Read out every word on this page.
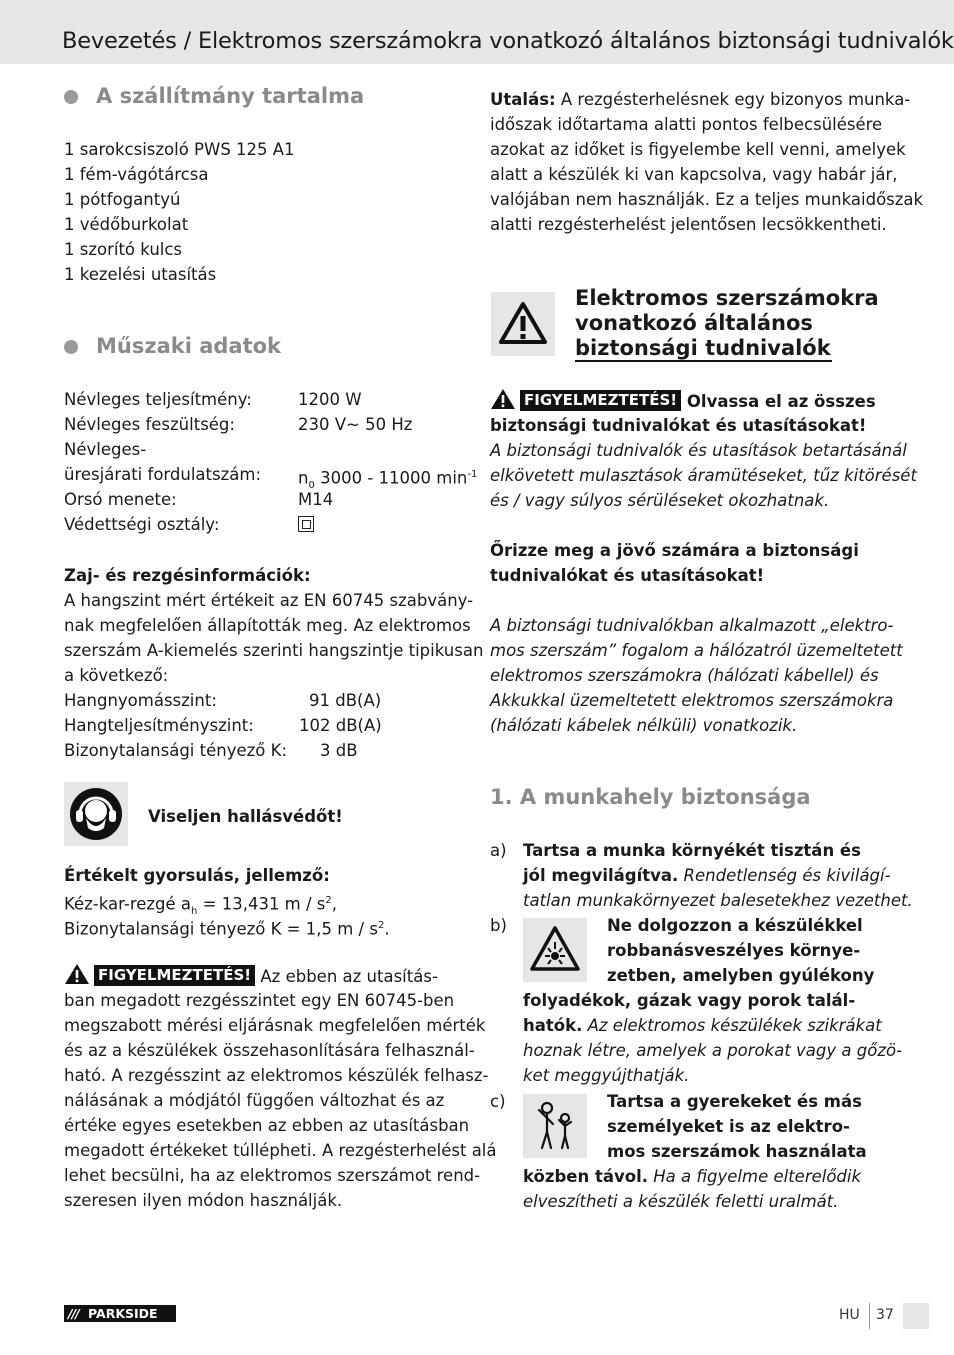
Bevezetés / Elektromos szerszámokra vonatkozó általános biztonsági tudnivalók
A szállítmány tartalma
1 sarokcsiszoló PWS 125 A1
1 fém-vágótárcsa
1 pótfogantyú
1 védőburkolat
1 szorító kulcs
1 kezelési utasítás
Műszaki adatok
Névleges teljesítmény:	1200 W
Névleges feszültség:	230 V~ 50 Hz
Névleges-
üresjárati fordulatszám: $n_0$ 3000 - 11000 $\min^{-1}$
Orsó menete:	M14
Védettségi osztály:
Zaj- és rezgésinformációk:
A hangszint mért értékeit az EN 60745 szabvány-
nak megfelelően állapították meg. Az elektromos
szerszám A-kiemelés szerinti hangszintje tipikusan
a következő:
Hangnyomásszint:	91 dB(A)
Hangteljesítményszint:	102 dB(A)
Bizonytalansági tényező K: 3 dB
Viseljen hallásvédőt!
Értékelt gyorsulás, jellemző:
Kéz-kar-rezgé $a_h = 13,431$ m / $s^2$,
Bizonytalansági tényező K = 1,5 m / $s^2$.
FIGYELMEZTETÉS! Az ebben az utasítás-
ban megadott rezgésszintet egy EN 60745-ben
megszabott mérési eljárásnak megfelelően mérték
és az a készülékek összehasonlítására felhasznál-
ható. A rezgésszint az elektromos készülék felhasz-
nálásának a módjától függően változhat és az
értéke egyes esetekben az ebben az utasításban
megadott értékeket túllépheti. A rezgésterhelést alá
lehet becsülni, ha az elektromos szerszámot rend-
szeresen ilyen módon használják.
Utalás: A rezgésterhelésnek egy bizonyos munka-
időszak időtartama alatti pontos felbecsülésére
azokat az időket is figyelembe kell venni, amelyek
alatt a készülék ki van kapcsolva, vagy habár jár,
valójában nem használják. Ez a teljes munkaidőszak
alatti rezgésterhelést jelentősen lecsökkentheti.
Elektromos szerszámokra
vonatkozó általános
biztonsági tudnivalók
FIGYELMEZTETÉS! Olvassa el az összes
biztonsági tudnivalókat és utasításokat!
A biztonsági tudnivalók és utasítások betartásánál
elkövetett mulasztások áramütéseket, tűz kitörését
és / vagy súlyos sérüléseket okozhatnak.
Őrizze meg a jövő számára a biztonsági
tudnivalókat és utasításokat!
A biztonsági tudnivalókban alkalmazott „elektro-
mos szerszám” fogalom a hálózatról üzemeltetett
elektromos szerszámokra (hálózati kábellel) és
Akkukkal üzemeltetett elektromos szerszámokra
(hálózati kábelek nélküli) vonatkozik.
1. A munkahely biztonsága
a) Tartsa a munka környékét tisztán és
jól megvilágítva. Rendetlenség és kivilágí-
tatlan munkakörnyezet balesetekhez vezethet.
b)	Ne dolgozzon a készülékkel
robbanásveszélyes környe-
zetben, amelyben gyúlékony
folyadékok, gázak vagy porok talál-
hatók. Az elektromos készülékek szikrákat
hoznak létre, amelyek a porokat vagy a gőzö-
ket meggyújthatják.
c)	Tartsa a gyerekeket és más
személyeket is az elektro-
mos szerszámok használata
közben távol. Ha a figyelme elterelődik
elveszítheti a készülék feletti uralmát.
/// PARKSIDE	HU 37
